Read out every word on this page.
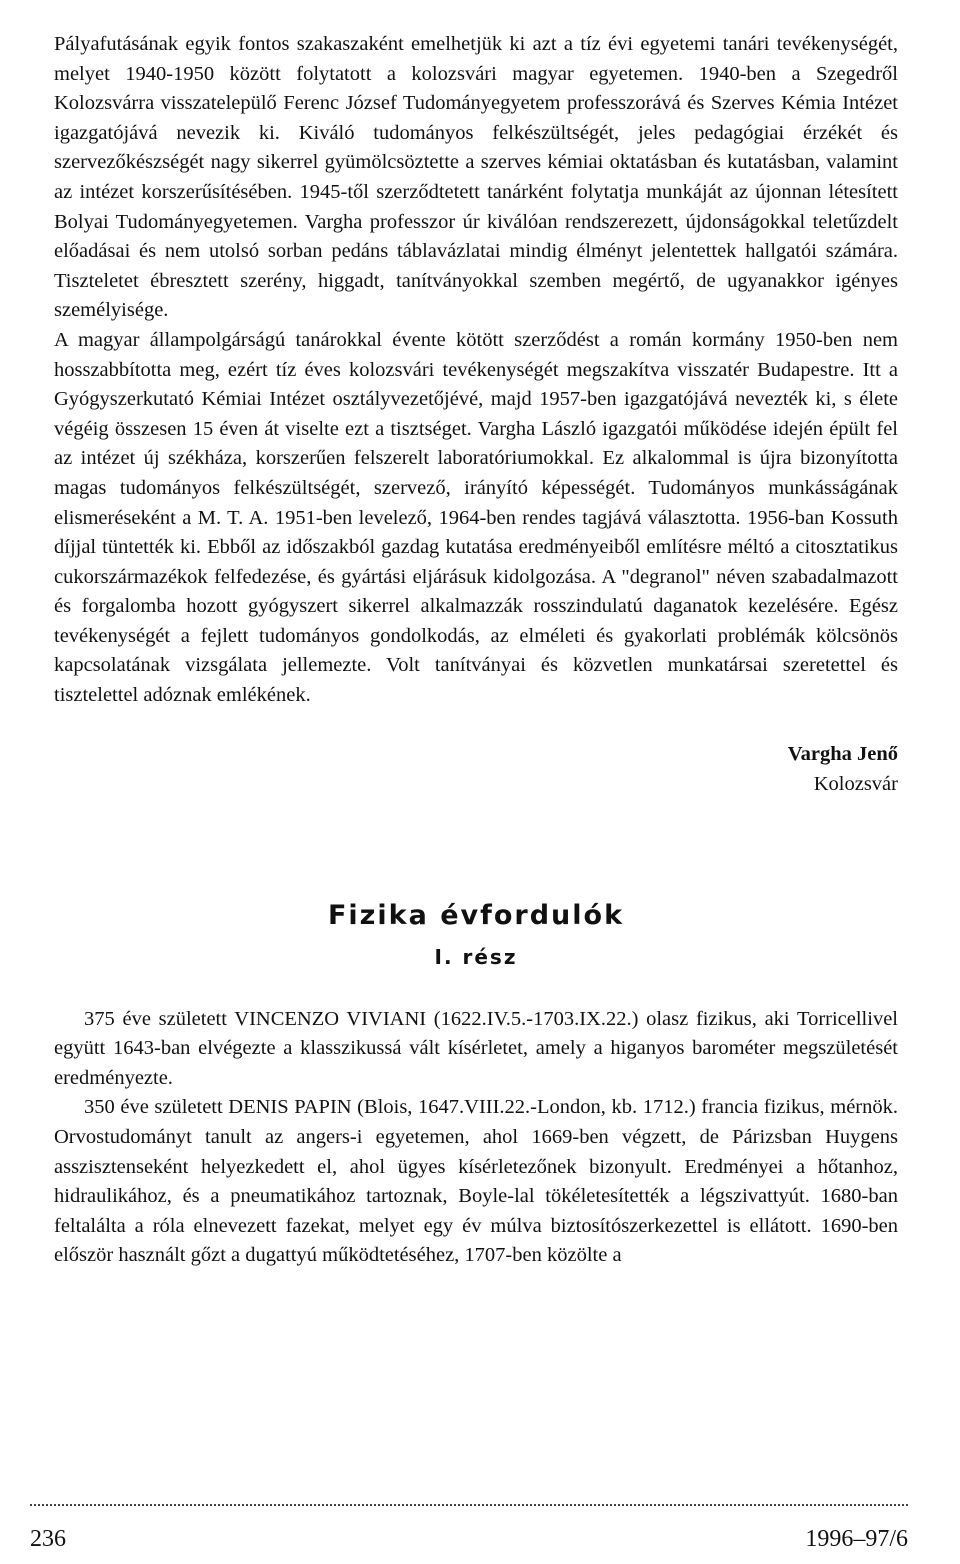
Pályafutásának egyik fontos szakaszaként emelhetjük ki azt a tíz évi egyetemi tanári tevékenységét, melyet 1940-1950 között folytatott a kolozsvári magyar egyetemen. 1940-ben a Szegedről Kolozsvárra visszatelepülő Ferenc József Tudományegyetem professzorává és Szerves Kémia Intézet igazgatójává nevezik ki. Kiváló tudományos felkészültségét, jeles pedagógiai érzékét és szervezőkészségét nagy sikerrel gyümölcsöztette a szerves kémiai oktatásban és kutatásban, valamint az intézet korszerűsítésében. 1945-től szerződtetett tanárként folytatja munkáját az újonnan létesített Bolyai Tudományegyetemen. Vargha professzor úr kiválóan rendszerezett, újdonságokkal teletűzdelt előadásai és nem utolsó sorban pedáns táblavázlatai mindig élményt jelentettek hallgatói számára. Tiszteletet ébresztett szerény, higgadt, tanítványokkal szemben megértő, de ugyanakkor igényes személyisége.

A magyar állampolgárságú tanárokkal évente kötött szerződést a román kormány 1950-ben nem hosszabbította meg, ezért tíz éves kolozsvári tevékenységét megszakítva visszatér Budapestre. Itt a Gyógyszerkutató Kémiai Intézet osztályvezetőjévé, majd 1957-ben igazgatójává nevezték ki, s élete végéig összesen 15 éven át viselte ezt a tisztséget. Vargha László igazgatói működése idején épült fel az intézet új székháza, korszerűen felszerelt laboratóriumokkal. Ez alkalommal is újra bizonyította magas tudományos felkészültségét, szervező, irányító képességét. Tudományos munkásságának elismeréseként a M. T. A. 1951-ben levelező, 1964-ben rendes tagjává választotta. 1956-ban Kossuth díjjal tüntették ki. Ebből az időszakból gazdag kutatása eredményeiből említésre méltó a citosztatikus cukorszármazékok felfedezése, és gyártási eljárásuk kidolgozása. A "degranol" néven szabadalmazott és forgalomba hozott gyógyszert sikerrel alkalmazzák rosszindulatú daganatok kezelésére. Egész tevékenységét a fejlett tudományos gondolkodás, az elméleti és gyakorlati problémák kölcsönös kapcsolatának vizsgálata jellemezte. Volt tanítványai és közvetlen munkatársai szeretettel és tisztelettel adóznak emlékének.

Vargha Jenő
Kolozsvár
Fizika évfordulók
I. rész

375 éve született VINCENZO VIVIANI (1622.IV.5.-1703.IX.22.) olasz fizikus, aki Torricellivel együtt 1643-ban elvégezte a klasszikussá vált kísérletet, amely a higanyos barométer megszületését eredményezte.

350 éve született DENIS PAPIN (Blois, 1647.VIII.22.-London, kb. 1712.) francia fizikus, mérnök. Orvostudományt tanult az angers-i egyetemen, ahol 1669-ben végzett, de Párizsban Huygens asszisztenseként helyezkedett el, ahol ügyes kísérletezőnek bizonyult. Eredményei a hőtanhoz, hidraulikához, és a pneumatikához tartoznak, Boyle-lal tökéletesítették a légszivattyút. 1680-ban feltalálta a róla elnevezett fazekat, melyet egy év múlva biztosítószerkezettel is ellátott. 1690-ben először használt gőzt a dugattyú működtetéséhez, 1707-ben közölte a

236	1996–97/6
